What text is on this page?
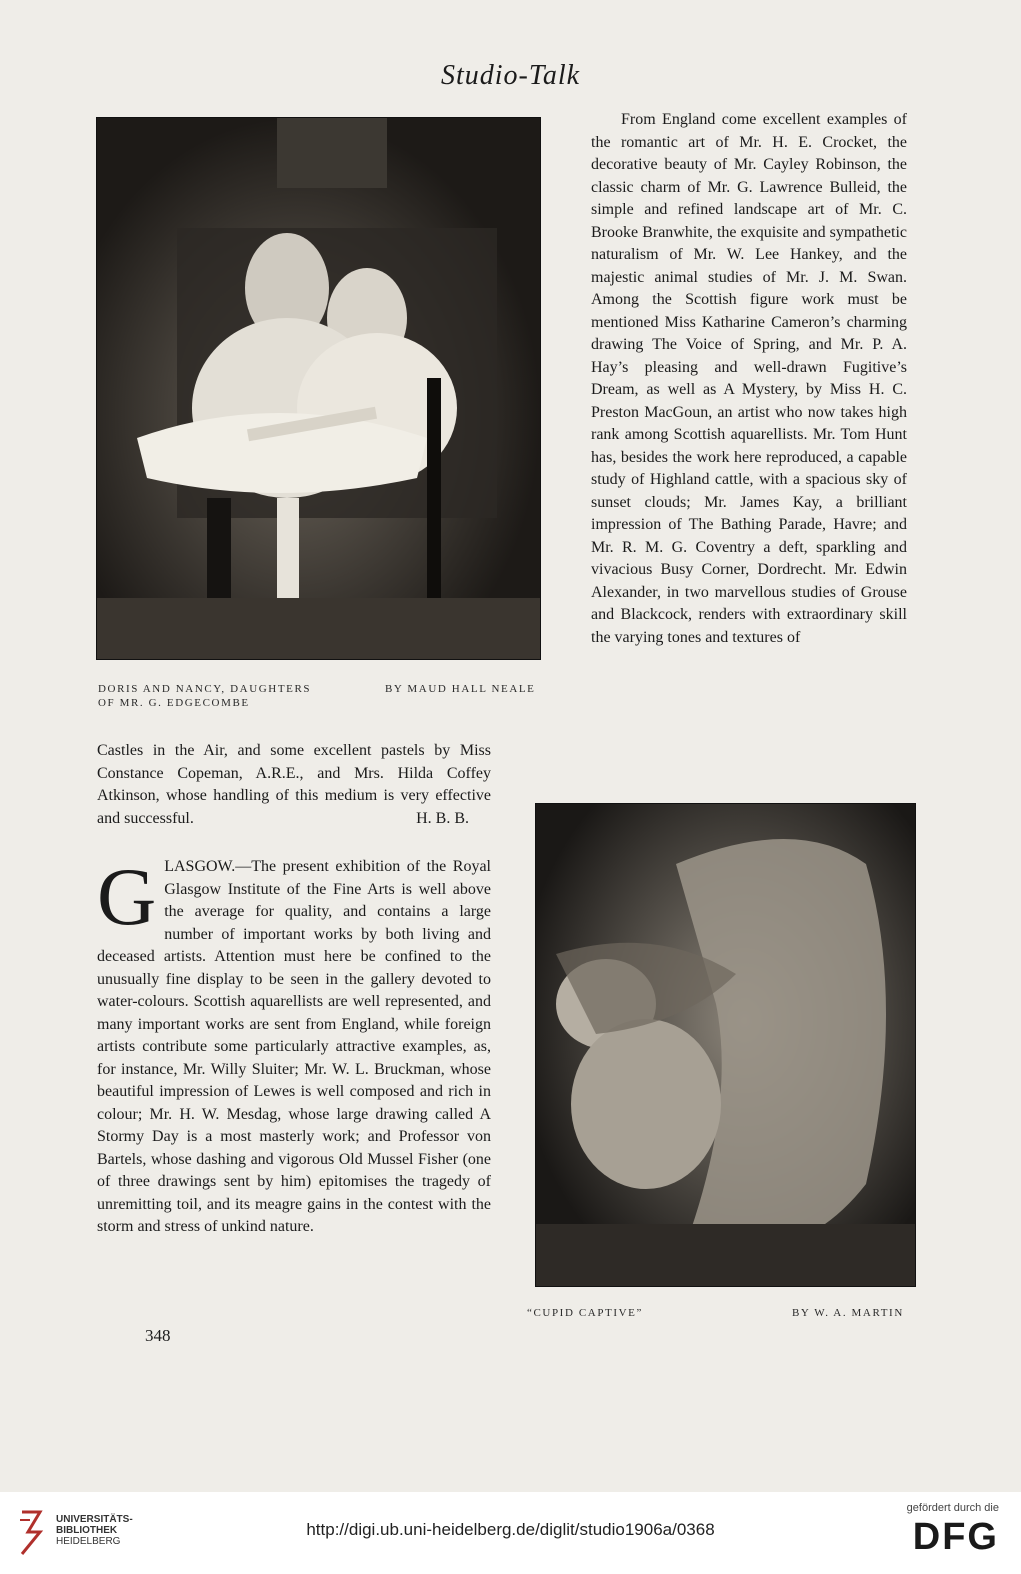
Studio-Talk
DORIS AND NANCY, DAUGHTERS
OF MR. G. EDGECOMBE
BY MAUD HALL NEALE

From England come excellent examples of the romantic art of Mr. H. E. Crocket, the decorative beauty of Mr. Cayley Robinson, the classic charm of Mr. G. Lawrence Bulleid, the simple and refined landscape art of Mr. C. Brooke Branwhite, the exquisite and sympathetic naturalism of Mr. W. Lee Hankey, and the majestic animal studies of Mr. J. M. Swan. Among the Scottish figure work must be mentioned Miss Katharine Cameron’s charming drawing The Voice of Spring, and Mr. P. A. Hay’s pleasing and well-drawn Fugitive’s Dream, as well as A Mystery, by Miss H. C. Preston MacGoun, an artist who now takes high rank among Scottish aquarellists. Mr. Tom Hunt has, besides the work here reproduced, a capable study of Highland cattle, with a spacious sky of sunset clouds; Mr. James Kay, a brilliant impression of The Bathing Parade, Havre; and Mr. R. M. G. Coventry a deft, sparkling and vivacious Busy Corner, Dordrecht. Mr. Edwin Alexander, in two marvellous studies of Grouse and Blackcock, renders with extraordinary skill the varying tones and textures of

Castles in the Air, and some excellent pastels by Miss Constance Copeman, A.R.E., and Mrs. Hilda Coffey Atkinson, whose handling of this medium is very effective and successful.	H. B. B.

GLASGOW.—The present exhibition of the Royal Glasgow Institute of the Fine Arts is well above the average for quality, and contains a large number of important works by both living and deceased artists. Attention must here be confined to the unusually fine display to be seen in the gallery devoted to water-colours. Scottish aquarellists are well represented, and many important works are sent from England, while foreign artists contribute some particularly attractive examples, as, for instance, Mr. Willy Sluiter; Mr. W. L. Bruckman, whose beautiful impression of Lewes is well composed and rich in colour; Mr. H. W. Mesdag, whose large drawing called A Stormy Day is a most masterly work; and Professor von Bartels, whose dashing and vigorous Old Mussel Fisher (one of three drawings sent by him) epitomises the tragedy of unremitting toil, and its meagre gains in the contest with the storm and stress of unkind nature.

“CUPID CAPTIVE”	BY W. A. MARTIN
348
UNIVERSITÄTS-
BIBLIOTHEK
HEIDELBERG
http://digi.ub.uni-heidelberg.de/diglit/studio1906a/0368
gefördert durch die
DFG
